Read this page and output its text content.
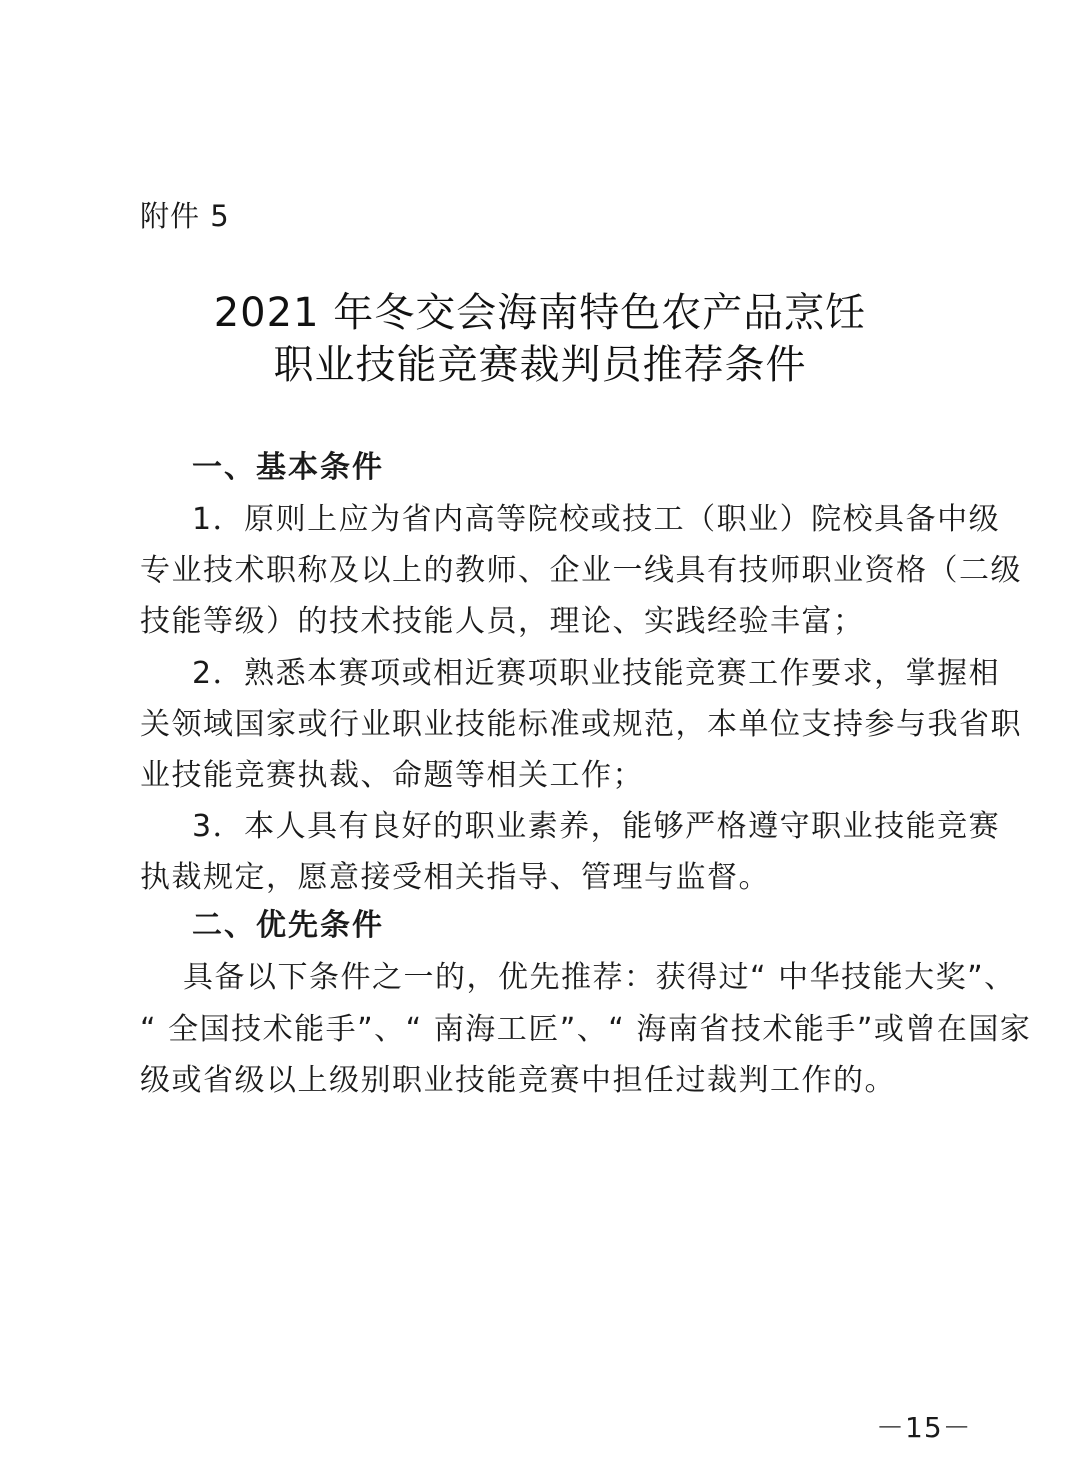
附件 5
2021 年冬交会海南特色农产品烹饪
职业技能竞赛裁判员推荐条件
一、基本条件
1．原则上应为省内高等院校或技工（职业）院校具备中级
专业技术职称及以上的教师、企业一线具有技师职业资格（二级
技能等级）的技术技能人员，理论、实践经验丰富；
2．熟悉本赛项或相近赛项职业技能竞赛工作要求，掌握相
关领域国家或行业职业技能标准或规范，本单位支持参与我省职
业技能竞赛执裁、命题等相关工作；
3．本人具有良好的职业素养，能够严格遵守职业技能竞赛
执裁规定，愿意接受相关指导、管理与监督。
二、优先条件
具备以下条件之一的，优先推荐：获得过“ 中华技能大奖”、
“ 全国技术能手”、“ 南海工匠”、“ 海南省技术能手”或曾在国家
级或省级以上级别职业技能竞赛中担任过裁判工作的。
－15－
